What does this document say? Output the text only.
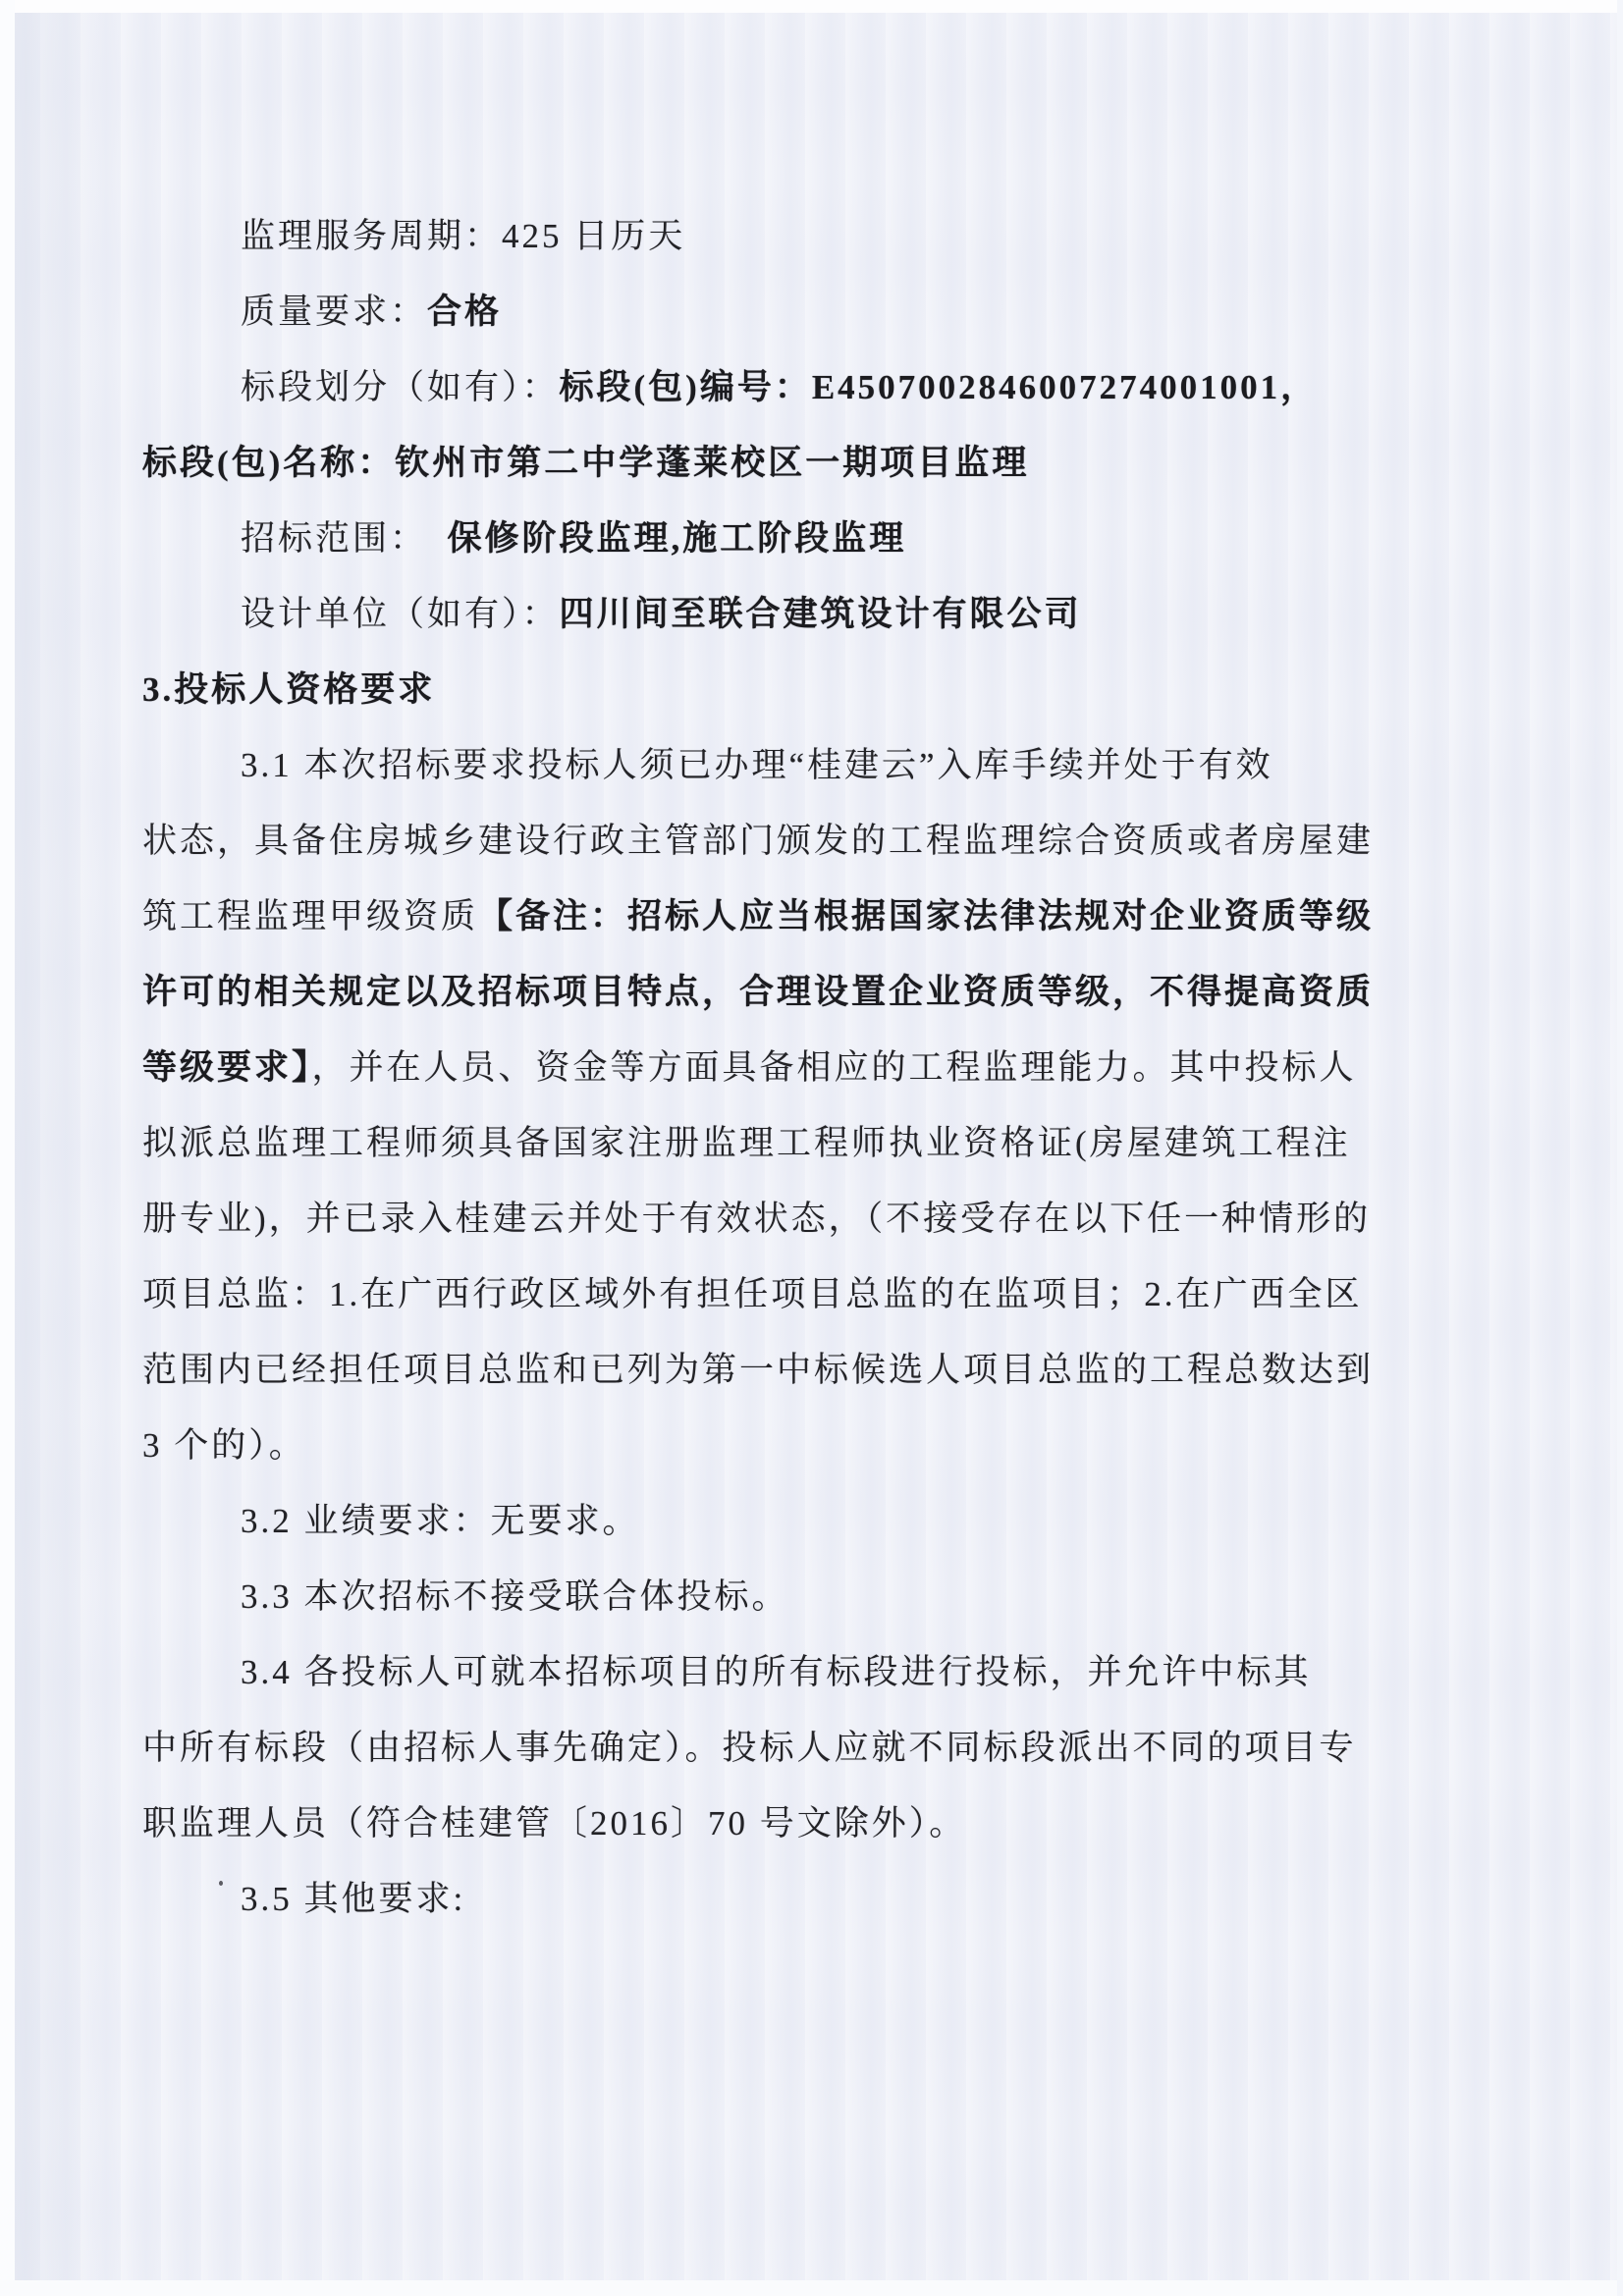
监理服务周期：425 日历天
质量要求：合格
标段划分（如有）：标段(包)编号：E4507002846007274001001，
标段(包)名称：钦州市第二中学蓬莱校区一期项目监理
招标范围：　保修阶段监理,施工阶段监理
设计单位（如有）：四川间至联合建筑设计有限公司
3.投标人资格要求
3.1 本次招标要求投标人须已办理“桂建云”入库手续并处于有效
状态，具备住房城乡建设行政主管部门颁发的工程监理综合资质或者房屋建
筑工程监理甲级资质【备注：招标人应当根据国家法律法规对企业资质等级
许可的相关规定以及招标项目特点，合理设置企业资质等级，不得提高资质
等级要求】，并在人员、资金等方面具备相应的工程监理能力。其中投标人
拟派总监理工程师须具备国家注册监理工程师执业资格证(房屋建筑工程注
册专业)，并已录入桂建云并处于有效状态，（不接受存在以下任一种情形的
项目总监：1.在广西行政区域外有担任项目总监的在监项目；2.在广西全区
范围内已经担任项目总监和已列为第一中标候选人项目总监的工程总数达到
3 个的）。
3.2 业绩要求：无要求。
3.3 本次招标不接受联合体投标。
3.4 各投标人可就本招标项目的所有标段进行投标，并允许中标其
中所有标段（由招标人事先确定）。投标人应就不同标段派出不同的项目专
职监理人员（符合桂建管〔2016〕70 号文除外）。
3.5 其他要求:
